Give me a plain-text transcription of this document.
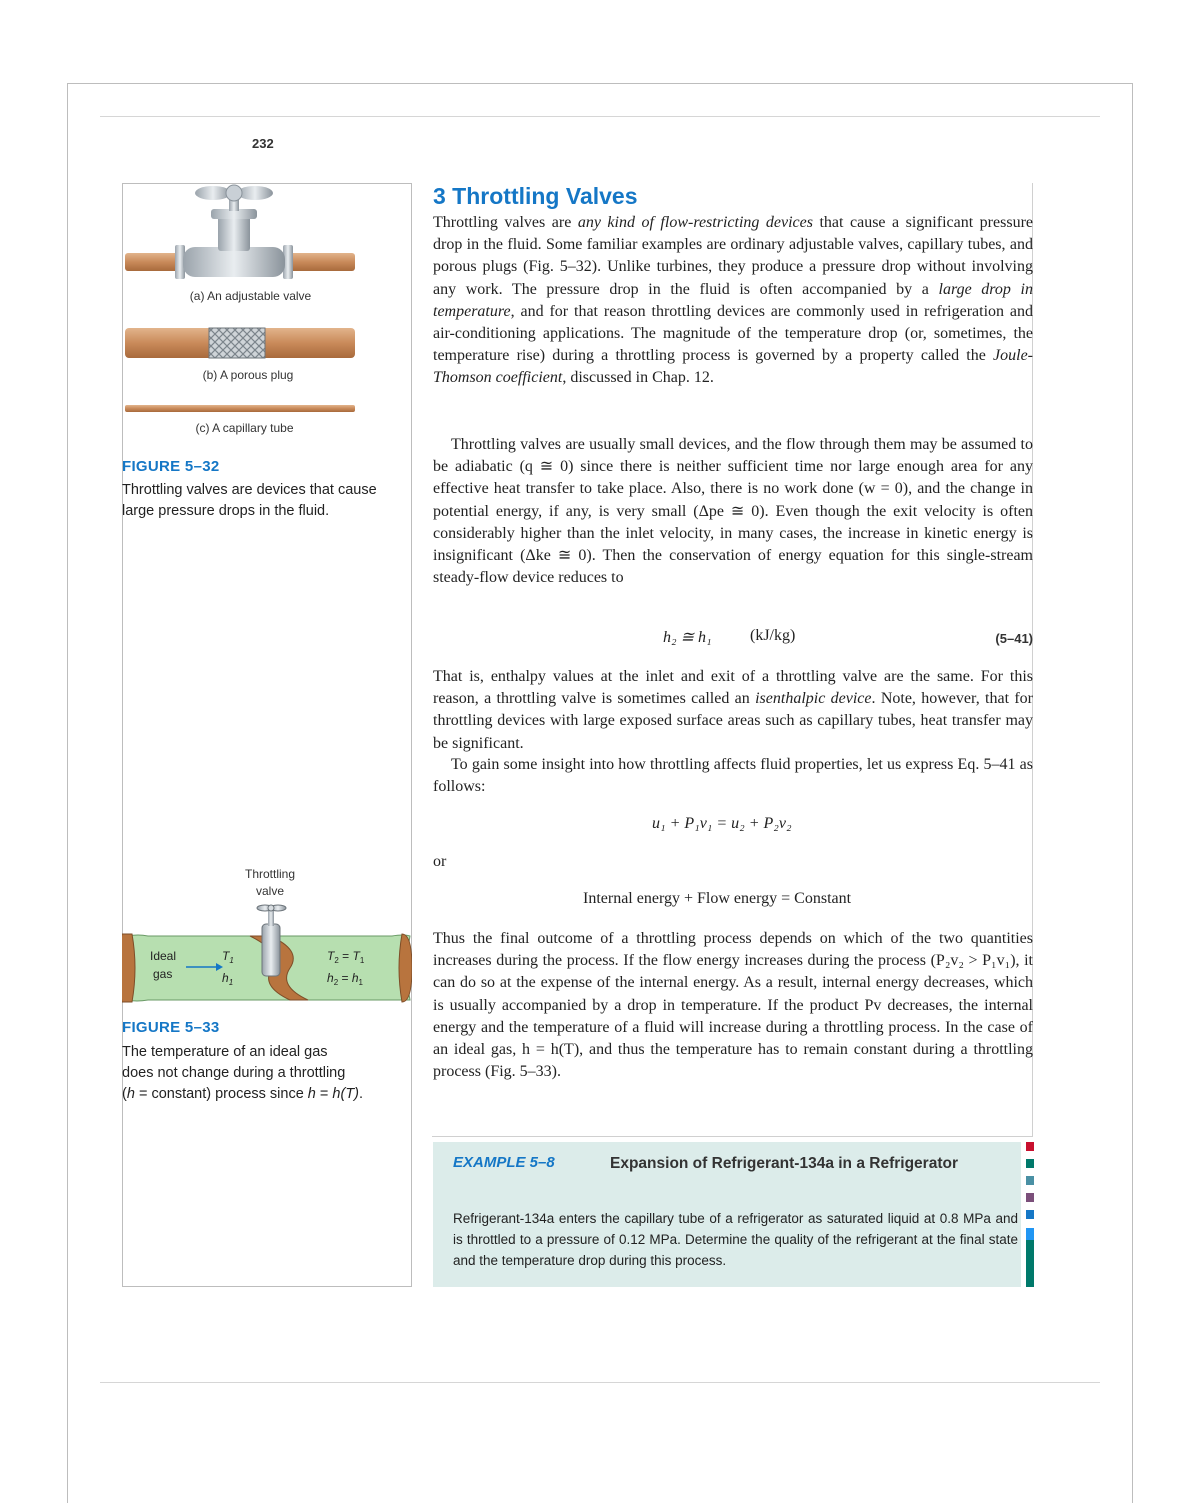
232
(a) An adjustable valve
(b) A porous plug
(c) A capillary tube
FIGURE 5–32
Throttling valves are devices that cause large pressure drops in the fluid.
Throttling
valve
Ideal
gas
$T_1$
$h_1$
$T_2 = T_1$
$h_2 = h_1$
FIGURE 5–33
The temperature of an ideal gas
does not change during a throttling
(h = constant) process since h = h(T).
3 Throttling Valves

Throttling valves are any kind of flow-restricting devices that cause a significant pressure drop in the fluid. Some familiar examples are ordinary adjustable valves, capillary tubes, and porous plugs (Fig. 5–32). Unlike turbines, they produce a pressure drop without involving any work. The pressure drop in the fluid is often accompanied by a large drop in temperature, and for that reason throttling devices are commonly used in refrigeration and air-conditioning applications. The magnitude of the temperature drop (or, sometimes, the temperature rise) during a throttling process is governed by a property called the Joule-Thomson coefficient, discussed in Chap. 12.

Throttling valves are usually small devices, and the flow through them may be assumed to be adiabatic (q ≅ 0) since there is neither sufficient time nor large enough area for any effective heat transfer to take place. Also, there is no work done (w = 0), and the change in potential energy, if any, is very small (Δpe ≅ 0). Even though the exit velocity is often considerably higher than the inlet velocity, in many cases, the increase in kinetic energy is insignificant (Δke ≅ 0). Then the conservation of energy equation for this single-stream steady-flow device reduces to

h₂ ≅ h₁ (kJ/kg)	(5–41)

That is, enthalpy values at the inlet and exit of a throttling valve are the same. For this reason, a throttling valve is sometimes called an isenthalpic device. Note, however, that for throttling devices with large exposed surface areas such as capillary tubes, heat transfer may be significant.

To gain some insight into how throttling affects fluid properties, let us express Eq. 5–41 as follows:

u₁ + P₁v₁ = u₂ + P₂v₂
or
Internal energy + Flow energy = Constant

Thus the final outcome of a throttling process depends on which of the two quantities increases during the process. If the flow energy increases during the process (P₂v₂ > P₁v₁), it can do so at the expense of the internal energy. As a result, internal energy decreases, which is usually accompanied by a drop in temperature. If the product Pv decreases, the internal energy and the temperature of a fluid will increase during a throttling process. In the case of an ideal gas, h = h(T), and thus the temperature has to remain constant during a throttling process (Fig. 5–33).

EXAMPLE 5–8	Expansion of Refrigerant-134a in a Refrigerator

Refrigerant-134a enters the capillary tube of a refrigerator as saturated liquid at 0.8 MPa and is throttled to a pressure of 0.12 MPa. Determine the quality of the refrigerant at the final state and the temperature drop during this process.
